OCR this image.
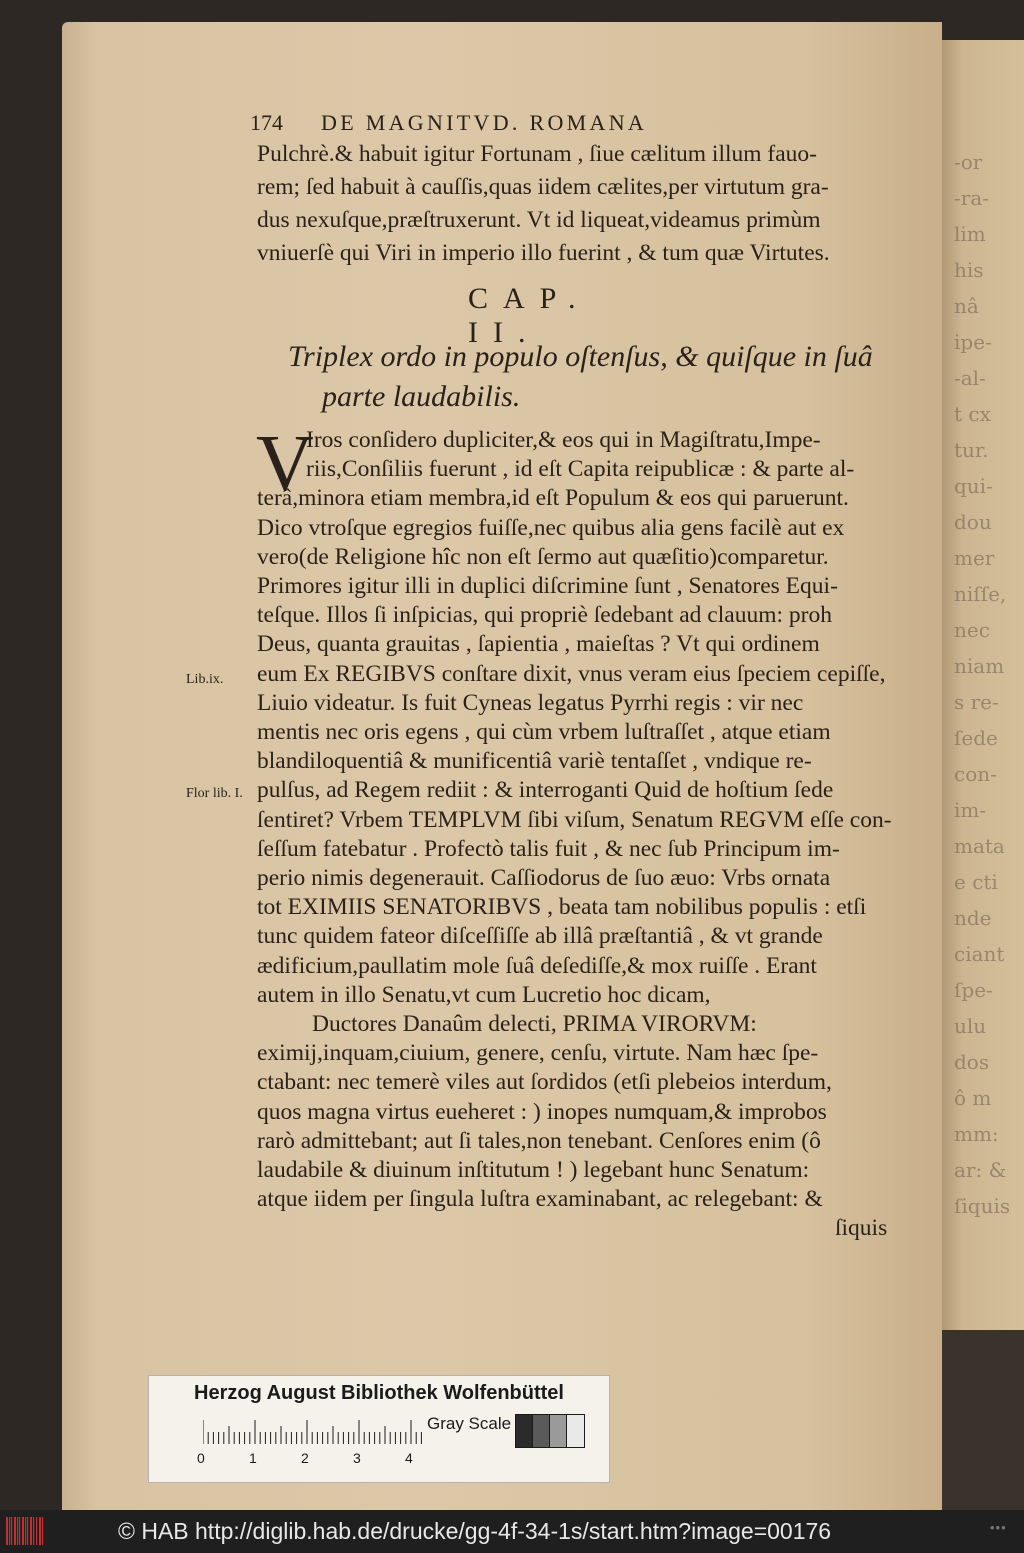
-or
-ra-
lim
his
nâ
ipe-
-al-
t cx
tur.
qui-
dou
mer
niſſe,
nec
niam
s re-
ſede
con-
im-
mata
e cti
nde
ciant
ſpe-
ulu
dos
ô m
mm:
ar: &
ſiquis
174 DE MAGNITVD. ROMANA
Pulchrè.& habuit igitur Fortunam , ſiue cælitum illum fauo-
rem; ſed habuit à cauſſis,quas iidem cælites,per virtutum gra-
dus nexuſque,præſtruxerunt. Vt id liqueat,videamus primùm
vniuerſè qui Viri in imperio illo fuerint , & tum quæ Virtutes.
CAP. II.
Triplex ordo in populo oſtenſus, & quiſque in ſuâ
parte laudabilis.
V
Iros conſidero dupliciter,& eos qui in Magiſtratu,Impe-
riis,Conſiliis fuerunt , id eſt Capita reipublicæ : & parte al-
terâ,minora etiam membra,id eſt Populum & eos qui paruerunt.
Dico vtroſque egregios fuiſſe,nec quibus alia gens facilè aut ex
vero(de Religione hîc non eſt ſermo aut quæſitio)comparetur.
Primores igitur illi in duplici diſcrimine ſunt , Senatores Equi-
teſque. Illos ſi inſpicias, qui propriè ſedebant ad clauum: proh
Deus, quanta grauitas , ſapientia , maieſtas ? Vt qui ordinem
eum Ex REGIBVS conſtare dixit, vnus veram eius ſpeciem cepiſſe,
Liuio videatur. Is fuit Cyneas legatus Pyrrhi regis : vir nec
mentis nec oris egens , qui cùm vrbem luſtraſſet , atque etiam
blandiloquentiâ & munificentiâ variè tentaſſet , vndique re-
pulſus, ad Regem rediit : & interroganti Quid de hoſtium ſede
ſentiret? Vrbem TEMPLVM ſibi viſum, Senatum REGVM eſſe con-
ſeſſum fatebatur . Profectò talis fuit , & nec ſub Principum im-
perio nimis degenerauit. Caſſiodorus de ſuo æuo: Vrbs ornata
tot EXIMIIS SENATORIBVS , beata tam nobilibus populis : etſi
tunc quidem fateor diſceſſiſſe ab illâ præſtantiâ , & vt grande
ædificium,paullatim mole ſuâ deſediſſe,& mox ruiſſe . Erant
autem in illo Senatu,vt cum Lucretio hoc dicam,
Ductores Danaûm delecti, PRIMA VIRORVM:
eximij,inquam,ciuium, genere, cenſu, virtute. Nam hæc ſpe-
ctabant: nec temerè viles aut ſordidos (etſi plebeios interdum,
quos magna virtus eueheret : ) inopes numquam,& improbos
rarò admittebant; aut ſi tales,non tenebant. Cenſores enim (ô
laudabile & diuinum inſtitutum ! ) legebant hunc Senatum:
atque iidem per ſingula luſtra examinabant, ac relegebant: &
ſiquis
Lib.ix.
Flor lib. I.
Herzog August Bibliothek Wolfenbüttel
0	1	2	3	4
Gray Scale
© HAB http://diglib.hab.de/drucke/gg-4f-34-1s/start.htm?image=00176	•••
